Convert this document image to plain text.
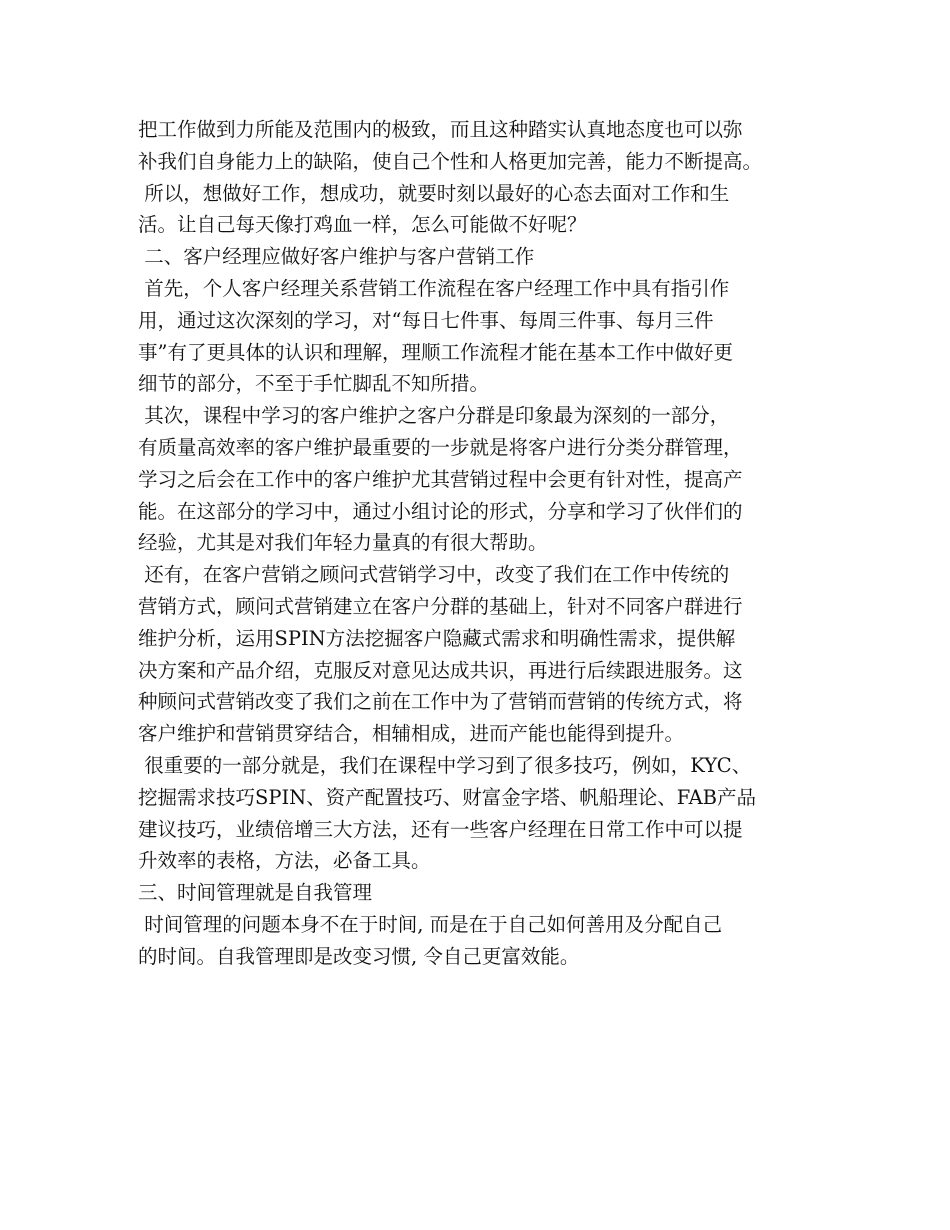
把工作做到力所能及范围内的极致，而且这种踏实认真地态度也可以弥
补我们自身能力上的缺陷，使自己个性和人格更加完善，能力不断提高。
所以，想做好工作，想成功，就要时刻以最好的心态去面对工作和生
活。让自己每天像打鸡血一样，怎么可能做不好呢？
二、客户经理应做好客户维护与客户营销工作
首先，个人客户经理关系营销工作流程在客户经理工作中具有指引作
用，通过这次深刻的学习，对“每日七件事、每周三件事、每月三件
事”有了更具体的认识和理解，理顺工作流程才能在基本工作中做好更
细节的部分，不至于手忙脚乱不知所措。
其次，课程中学习的客户维护之客户分群是印象最为深刻的一部分，
有质量高效率的客户维护最重要的一步就是将客户进行分类分群管理，
学习之后会在工作中的客户维护尤其营销过程中会更有针对性，提高产
能。在这部分的学习中，通过小组讨论的形式，分享和学习了伙伴们的
经验，尤其是对我们年轻力量真的有很大帮助。
还有，在客户营销之顾问式营销学习中，改变了我们在工作中传统的
营销方式，顾问式营销建立在客户分群的基础上，针对不同客户群进行
维护分析，运用SPIN方法挖掘客户隐藏式需求和明确性需求，提供解
决方案和产品介绍，克服反对意见达成共识，再进行后续跟进服务。这
种顾问式营销改变了我们之前在工作中为了营销而营销的传统方式，将
客户维护和营销贯穿结合，相辅相成，进而产能也能得到提升。
很重要的一部分就是，我们在课程中学习到了很多技巧，例如，KYC、
挖掘需求技巧SPIN、资产配置技巧、财富金字塔、帆船理论、FAB产品
建议技巧，业绩倍增三大方法，还有一些客户经理在日常工作中可以提
升效率的表格，方法，必备工具。
三、时间管理就是自我管理
时间管理的问题本身不在于时间, 而是在于自己如何善用及分配自己
的时间。自我管理即是改变习惯, 令自己更富效能。
